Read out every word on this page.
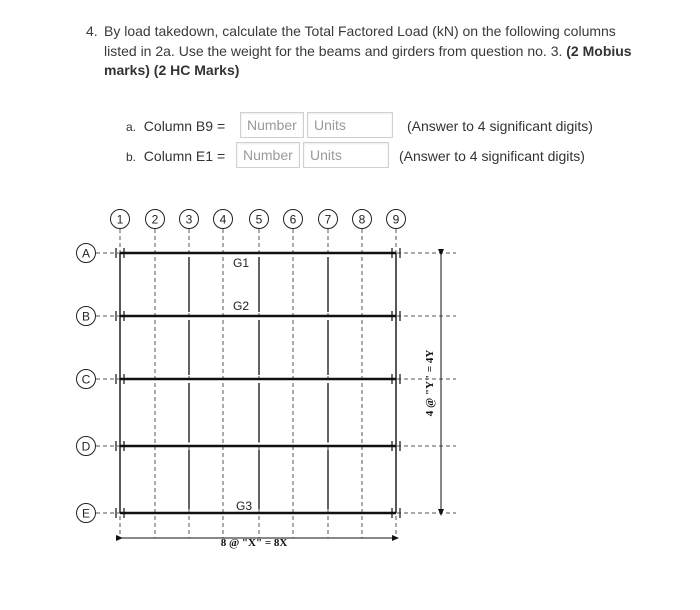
4. By load takedown, calculate the Total Factored Load (kN) on the following columns listed in 2a. Use the weight for the beams and girders from question no. 3. (2 Mobius marks) (2 HC Marks)
a. Column B9 =
Number
Units	(Answer to 4 significant digits)
b. Column E1 =
Number
Units	(Answer to 4 significant digits)
1 2 3 4 5 6 7 8 9
A
B
C
D
E
G1
G2
G3
8 @ "X" = 8X
4 @ "Y" = 4Y
